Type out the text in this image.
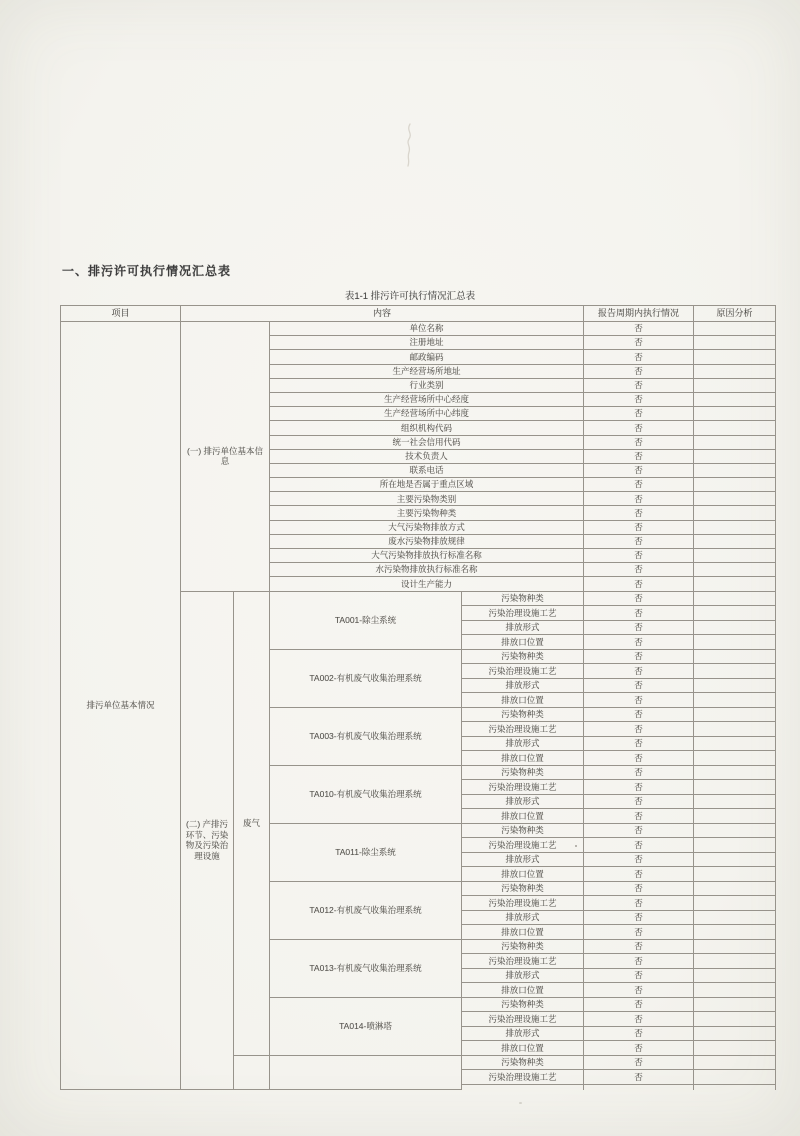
一、排污许可执行情况汇总表
表1-1 排污许可执行情况汇总表
项目	内容				报告周期内执行情况	原因分析
排污单位基本情况	(一) 排污单位基本信息		单位名称		否	
			注册地址		否	
			邮政编码		否	
			生产经营场所地址		否	
			行业类别		否	
			生产经营场所中心经度		否	
			生产经营场所中心纬度		否	
			组织机构代码		否	
			统一社会信用代码		否	
			技术负责人		否	
			联系电话		否	
			所在地是否属于重点区域		否	
			主要污染物类别		否	
			主要污染物种类		否	
			大气污染物排放方式		否	
			废水污染物排放规律		否	
			大气污染物排放执行标准名称		否	
			水污染物排放执行标准名称		否	
			设计生产能力		否	
	(二) 产排污环节、污染物及污染治理设施	废气	TA001-除尘系统	污染物种类	否	
				污染治理设施工艺	否	
				排放形式	否	
				排放口位置	否	
			TA002-有机废气收集治理系统	污染物种类	否	
				污染治理设施工艺	否	
				排放形式	否	
				排放口位置	否	
			TA003-有机废气收集治理系统	污染物种类	否	
				污染治理设施工艺	否	
				排放形式	否	
				排放口位置	否	
			TA010-有机废气收集治理系统	污染物种类	否	
				污染治理设施工艺	否	
				排放形式	否	
				排放口位置	否	
			TA011-除尘系统	污染物种类	否	
				污染治理设施工艺	否	
				排放形式	否	
				排放口位置	否	
			TA012-有机废气收集治理系统	污染物种类	否	
				污染治理设施工艺	否	
				排放形式	否	
				排放口位置	否	
			TA013-有机废气收集治理系统	污染物种类	否	
				污染治理设施工艺	否	
				排放形式	否	
				排放口位置	否	
			TA014-喷淋塔	污染物种类	否	
				污染治理设施工艺	否	
				排放形式	否	
				排放口位置	否	
				污染物种类	否	
				污染治理设施工艺	否	
